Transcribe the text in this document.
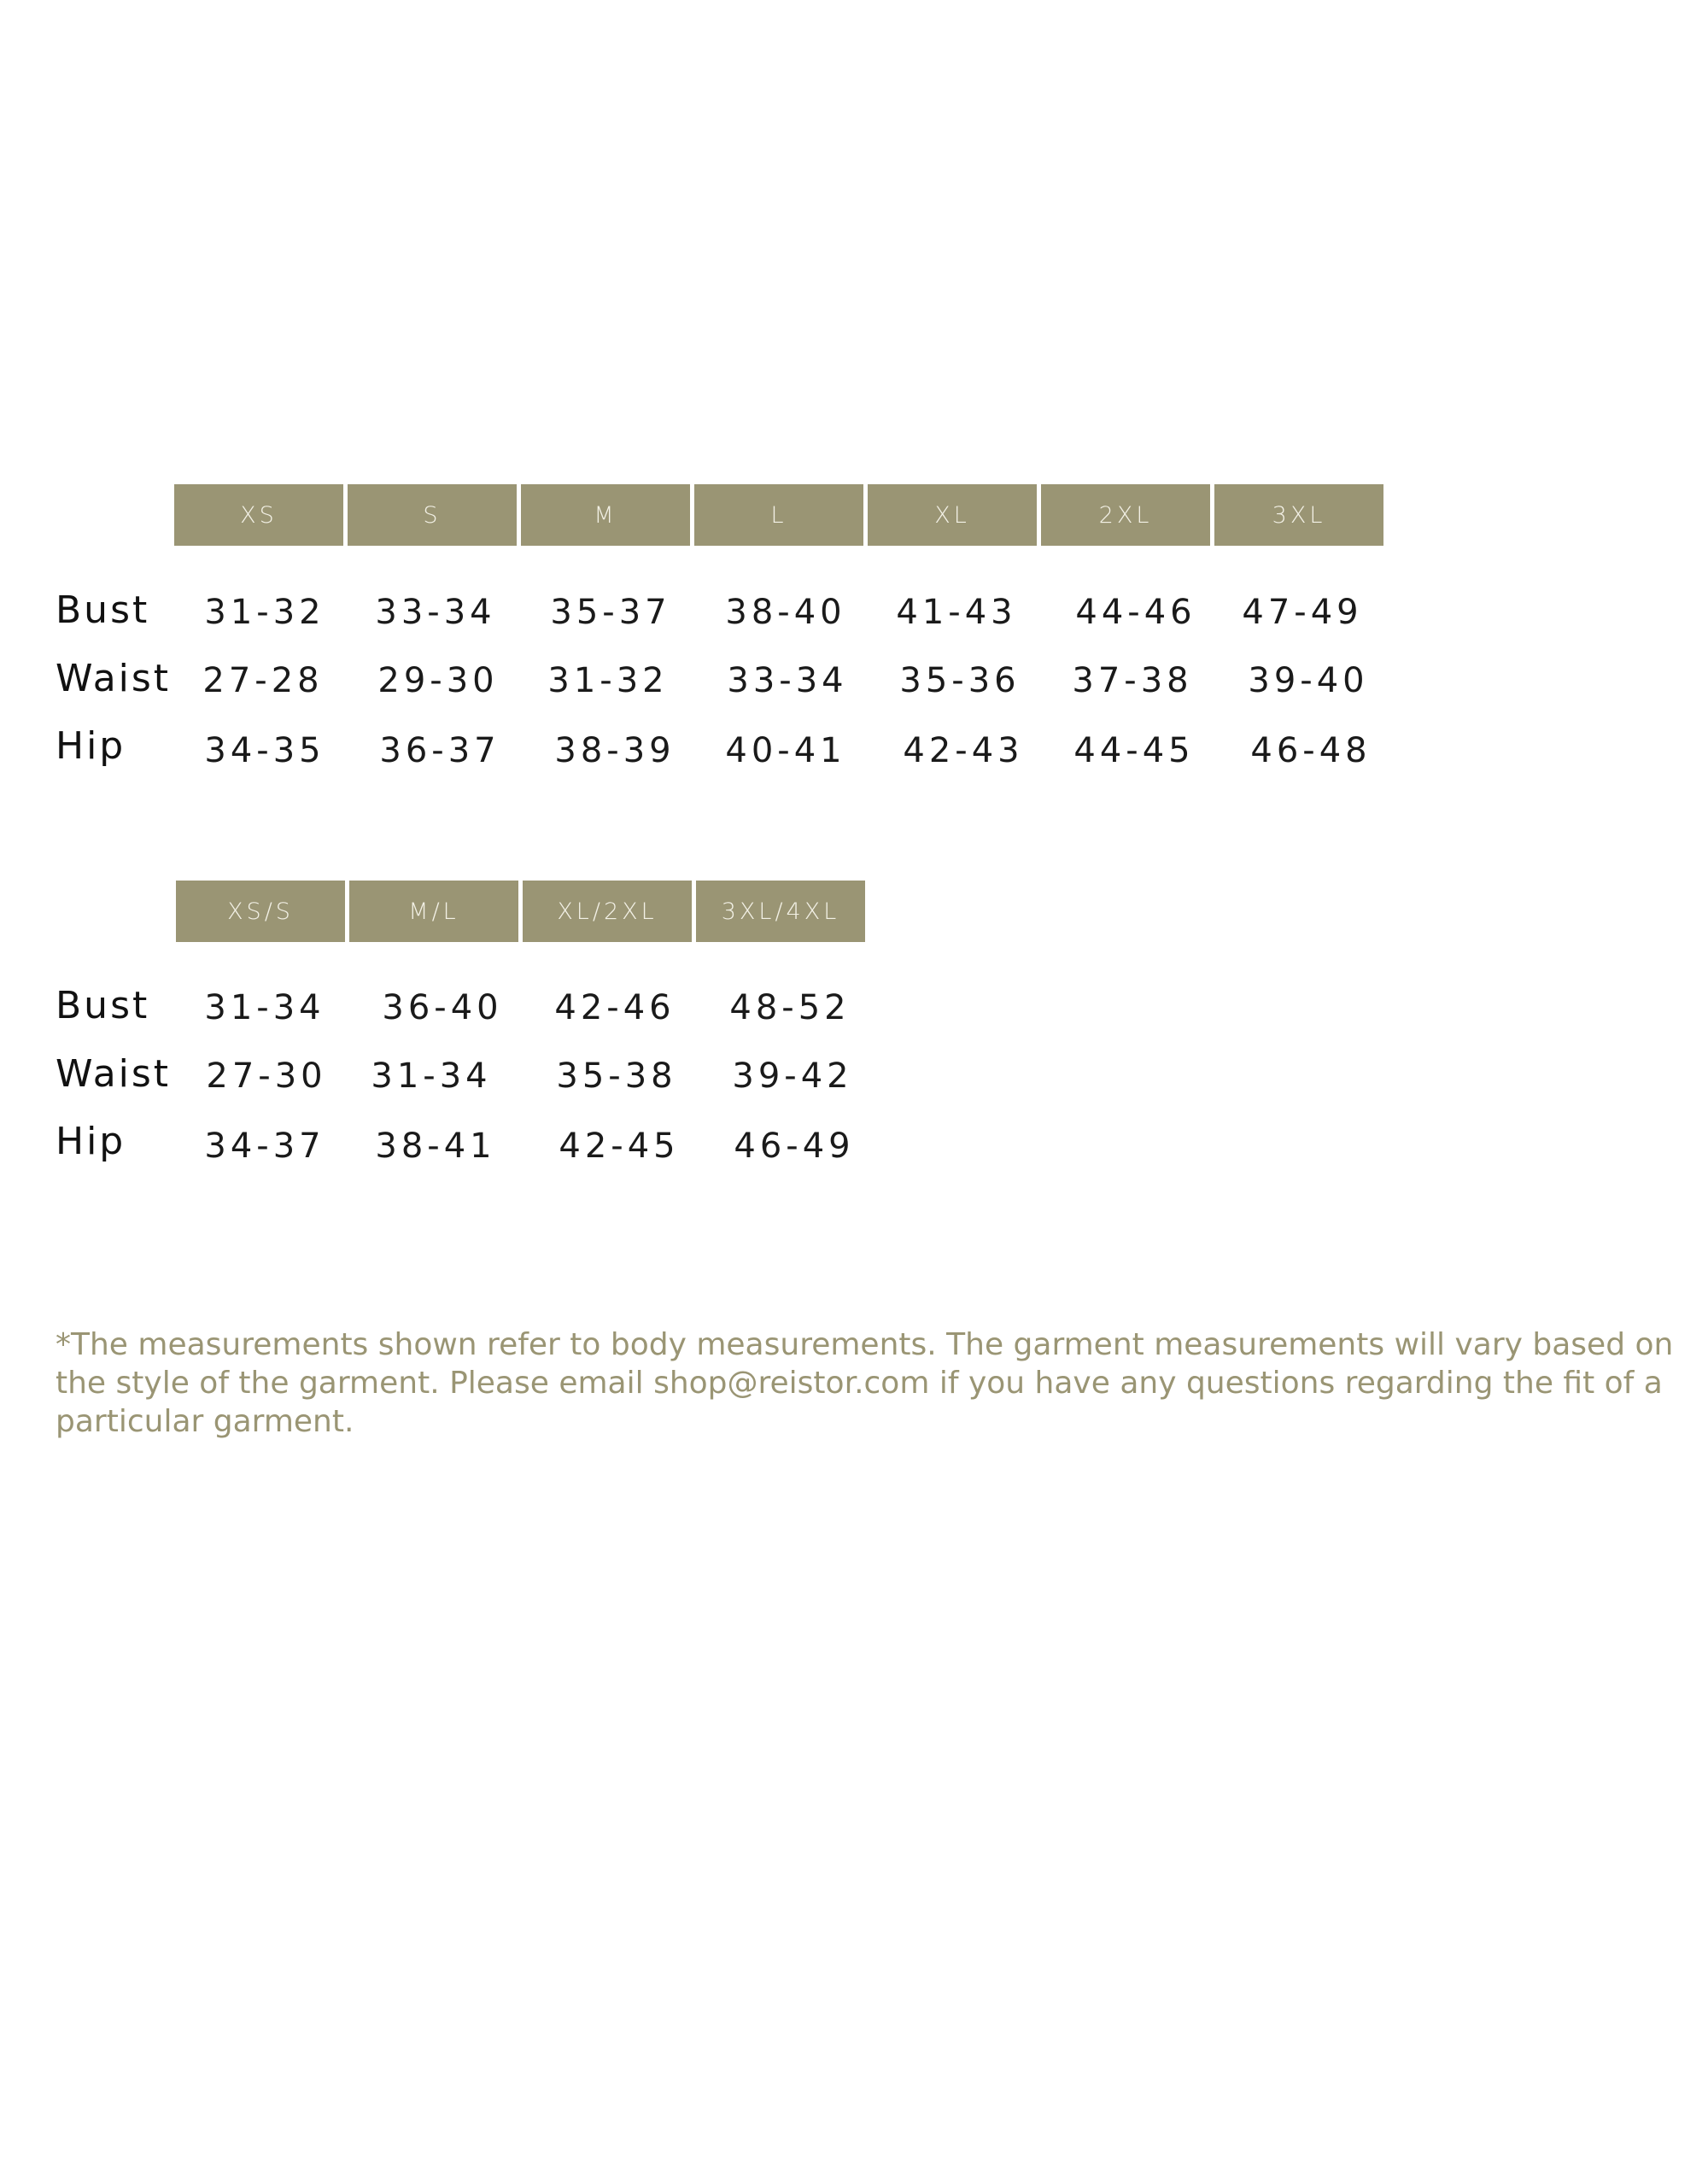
XS	S	M	L	XL	2XL	3XL
Bust	31-32	33-34	35-37	38-40	41-43	44-46	47-49
Waist 27-28	29-30	31-32	33-34	35-36	37-38	39-40
Hip	34-35	36-37	38-39	40-41	42-43	44-45	46-48
XS/S	M/L	XL/2XL	3XL/4XL
Bust	31-34	36-40	42-46	48-52
Waist	27-30	31-34	35-38	39-42
Hip	34-37	38-41	42-45	46-49

*The measurements shown refer to body measurements. The garment measurements will vary based on the style of the garment. Please email shop@reistor.com if you have any questions regarding the fit of a particular garment.
